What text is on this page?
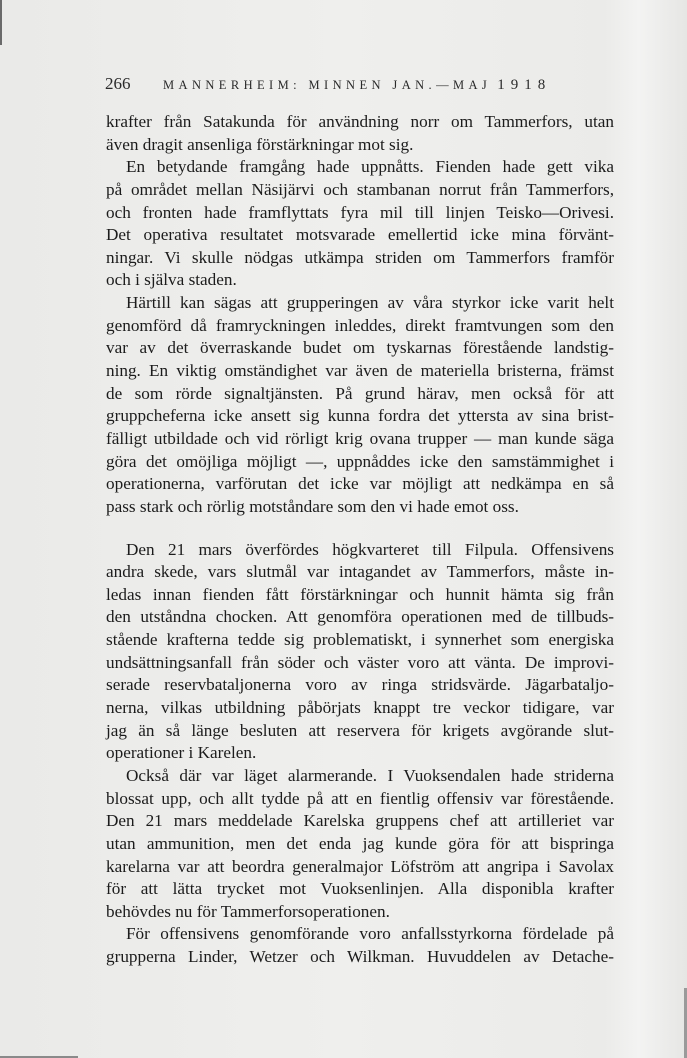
266	MANNERHEIM: MINNEN JAN.—MAJ 1918
krafter från Satakunda för användning norr om Tammerfors, utan
även dragit ansenliga förstärkningar mot sig.
En betydande framgång hade uppnåtts. Fienden hade gett vika
på området mellan Näsijärvi och stambanan norrut från Tammerfors,
och fronten hade framflyttats fyra mil till linjen Teisko—Orivesi.
Det operativa resultatet motsvarade emellertid icke mina förvänt-
ningar. Vi skulle nödgas utkämpa striden om Tammerfors framför
och i själva staden.
Härtill kan sägas att grupperingen av våra styrkor icke varit helt
genomförd då framryckningen inleddes, direkt framtvungen som den
var av det överraskande budet om tyskarnas förestående landstig-
ning. En viktig omständighet var även de materiella bristerna, främst
de som rörde signaltjänsten. På grund härav, men också för att
gruppcheferna icke ansett sig kunna fordra det yttersta av sina brist-
fälligt utbildade och vid rörligt krig ovana trupper — man kunde säga
göra det omöjliga möjligt —, uppnåddes icke den samstämmighet i
operationerna, varförutan det icke var möjligt att nedkämpa en så
pass stark och rörlig motståndare som den vi hade emot oss.
Den 21 mars överfördes högkvarteret till Filpula. Offensivens
andra skede, vars slutmål var intagandet av Tammerfors, måste in-
ledas innan fienden fått förstärkningar och hunnit hämta sig från
den utståndna chocken. Att genomföra operationen med de tillbuds-
stående krafterna tedde sig problematiskt, i synnerhet som energiska
undsättningsanfall från söder och väster voro att vänta. De improvi-
serade reservbataljonerna voro av ringa stridsvärde. Jägarbataljo-
nerna, vilkas utbildning påbörjats knappt tre veckor tidigare, var
jag än så länge besluten att reservera för krigets avgörande slut-
operationer i Karelen.
Också där var läget alarmerande. I Vuoksendalen hade striderna
blossat upp, och allt tydde på att en fientlig offensiv var förestående.
Den 21 mars meddelade Karelska gruppens chef att artilleriet var
utan ammunition, men det enda jag kunde göra för att bispringa
karelarna var att beordra generalmajor Löfström att angripa i Savolax
för att lätta trycket mot Vuoksenlinjen. Alla disponibla krafter
behövdes nu för Tammerforsoperationen.
För offensivens genomförande voro anfallsstyrkorna fördelade på
grupperna Linder, Wetzer och Wilkman. Huvuddelen av Detache-
